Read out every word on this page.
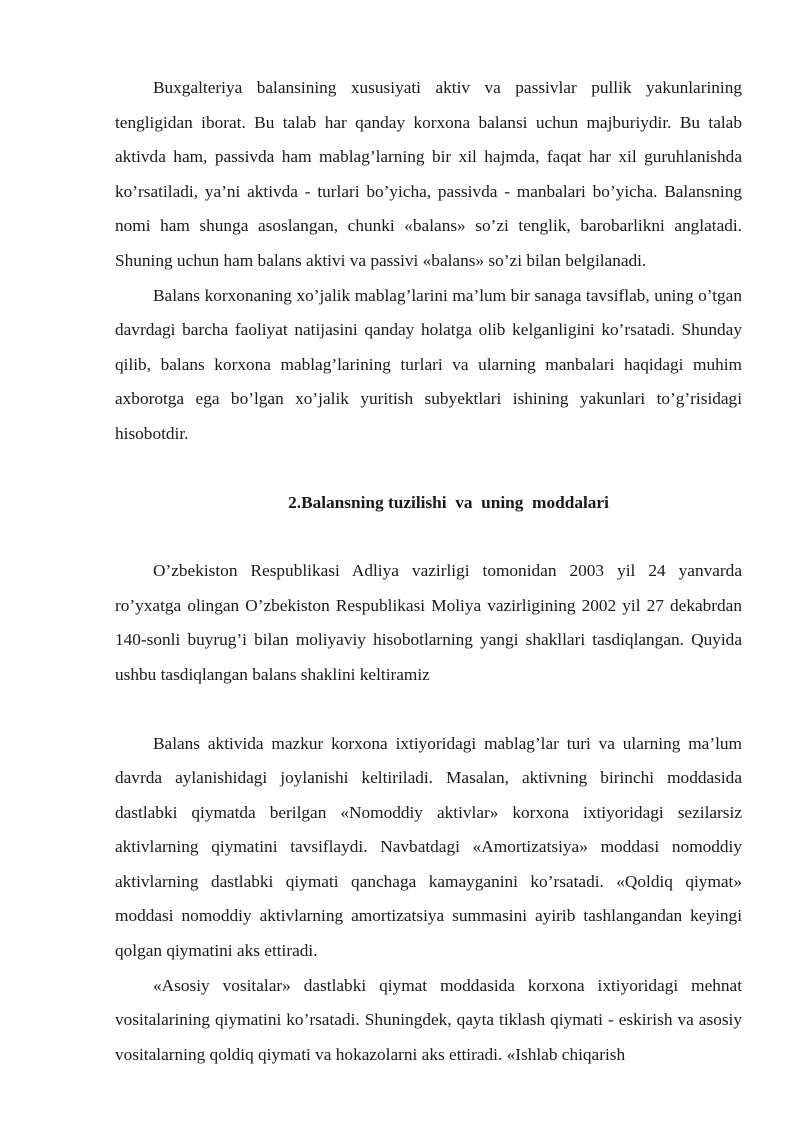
Buxgalteriya balansining xususiyati aktiv va passivlar pullik yakunlarining tengligidan iborat. Bu talab har qanday korxona balansi uchun majburiydir. Bu talab aktivda ham, passivda ham mablag’larning bir xil hajmda, faqat har xil guruhlanishda ko’rsatiladi, ya’ni aktivda - turlari bo’yicha, passivda - manbalari bo’yicha. Balansning nomi ham shunga asoslangan, chunki «balans» so’zi tenglik, barobarlikni anglatadi. Shuning uchun ham balans aktivi va passivi «balans» so’zi bilan belgilanadi.

Balans korxonaning xo’jalik mablag’larini ma’lum bir sanaga tavsiflab, uning o’tgan davrdagi barcha faoliyat natijasini qanday holatga olib kelganligini ko’rsatadi. Shunday qilib, balans korxona mablag’larining turlari va ularning manbalari haqidagi muhim axborotga ega bo’lgan xo’jalik yuritish subyektlari ishining yakunlari to’g’risidagi hisobotdir.

2.Balansning tuzilishi  va  uning  moddalari

O’zbekiston Respublikasi Adliya vazirligi tomonidan 2003 yil 24 yanvarda ro’yxatga olingan O’zbekiston Respublikasi Moliya vazirligining 2002 yil 27 dekabrdan 140-sonli buyrug’i bilan moliyaviy hisobotlarning yangi shakllari tasdiqlangan. Quyida ushbu tasdiqlangan balans shaklini keltiramiz

Balans aktivida mazkur korxona ixtiyoridagi mablag’lar turi va ularning ma’lum davrda aylanishidagi joylanishi keltiriladi. Masalan, aktivning birinchi moddasida dastlabki qiymatda berilgan «Nomoddiy aktivlar» korxona ixtiyoridagi sezilarsiz aktivlarning qiymatini tavsiflaydi. Navbatdagi «Amortizatsiya» moddasi nomoddiy aktivlarning dastlabki qiymati qanchaga kamayganini ko’rsatadi. «Qoldiq qiymat» moddasi nomoddiy aktivlarning amortizatsiya summasini ayirib tashlangandan keyingi qolgan qiymatini aks ettiradi.

«Asosiy vositalar» dastlabki qiymat moddasida korxona ixtiyoridagi mehnat vositalarining qiymatini ko’rsatadi. Shuningdek, qayta tiklash qiymati - eskirish va asosiy vositalarning qoldiq qiymati va hokazolarni aks ettiradi. «Ishlab chiqarish
